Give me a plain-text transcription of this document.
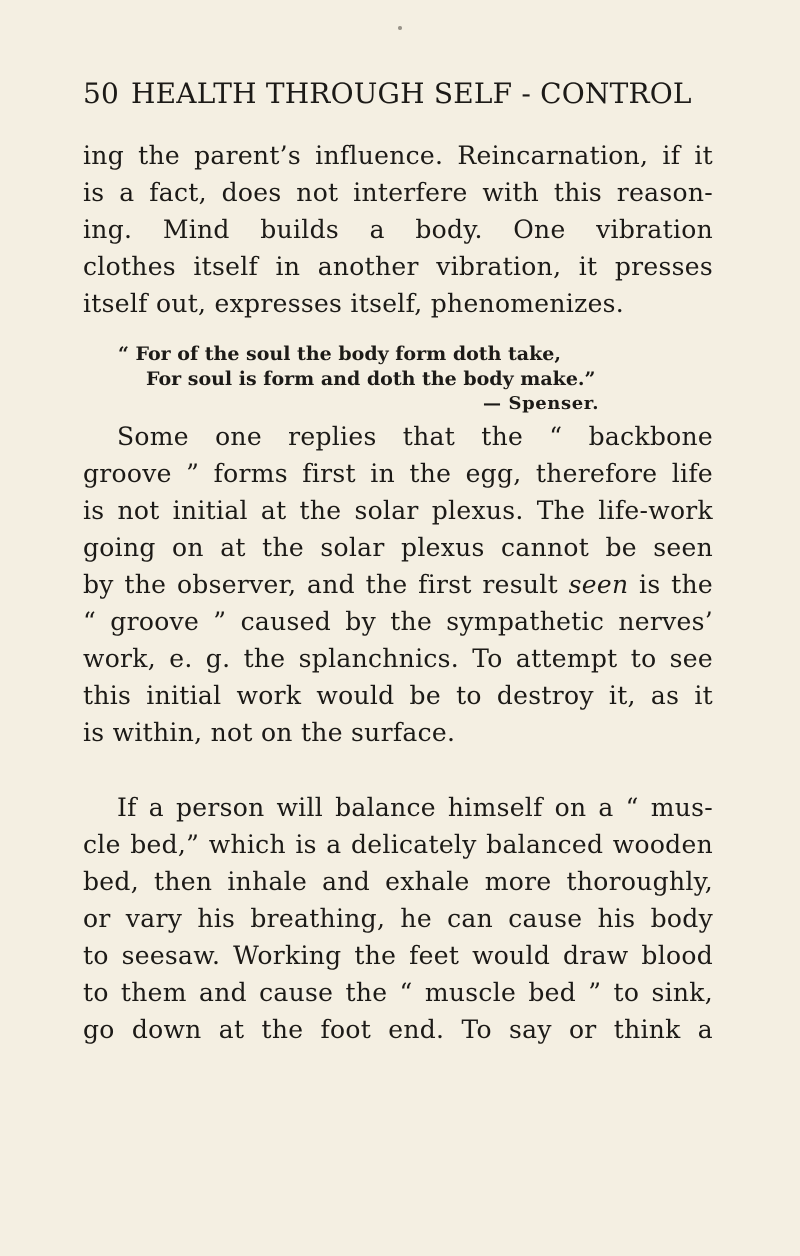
50 HEALTH THROUGH SELF - CONTROL
ing the parent’s influence. Reincarnation, if it
is a fact, does not interfere with this reason-
ing. Mind builds a body. One vibration
clothes itself in another vibration, it presses
itself out, expresses itself, phenomenizes.
“ For of the soul the body form doth take,
For soul is form and doth the body make.”
— Spenser.
Some one replies that the “ backbone
groove ” forms first in the egg, therefore life
is not initial at the solar plexus. The life-work
going on at the solar plexus cannot be seen
by the observer, and the first result seen is the
“ groove ” caused by the sympathetic nerves’
work, e. g. the splanchnics. To attempt to see
this initial work would be to destroy it, as it
is within, not on the surface.
If a person will balance himself on a “ mus-
cle bed,” which is a delicately balanced wooden
bed, then inhale and exhale more thoroughly,
or vary his breathing, he can cause his body
to seesaw. Working the feet would draw blood
to them and cause the “ muscle bed ” to sink,
go down at the foot end. To say or think a
